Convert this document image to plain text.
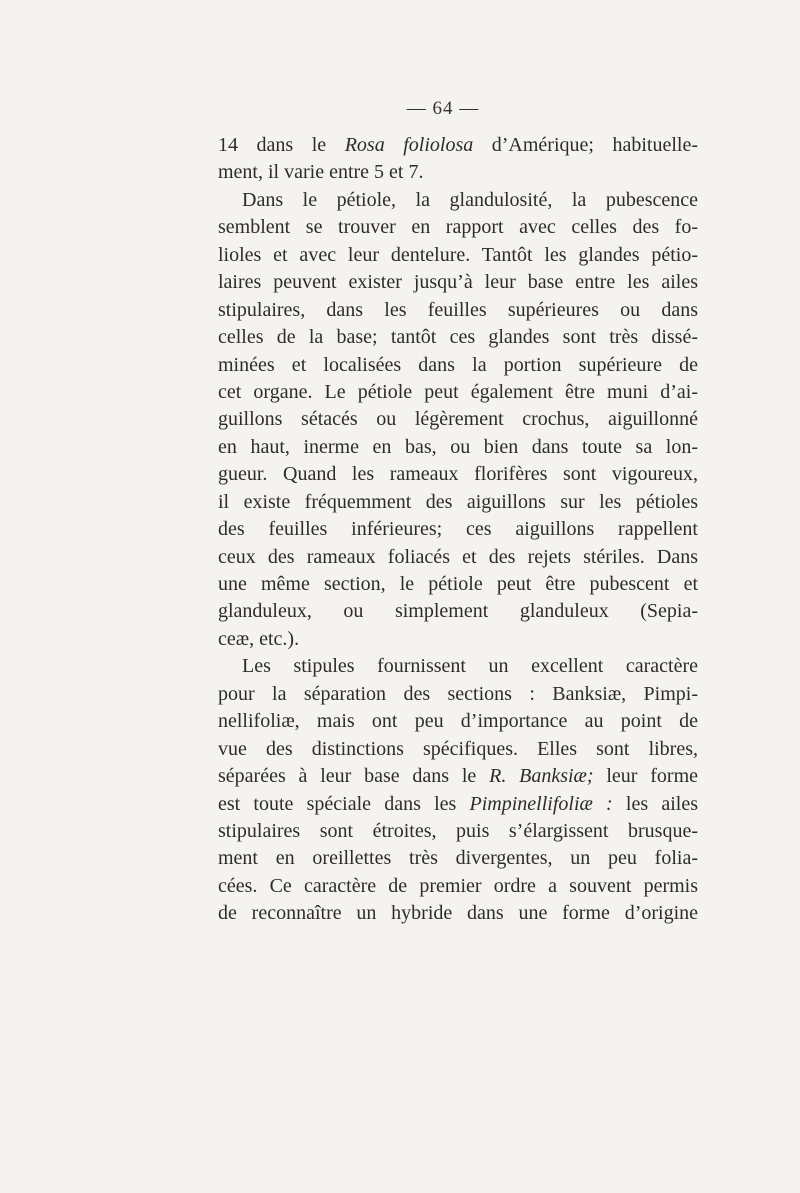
— 64 —
14 dans le Rosa foliolosa d’Amérique; habituelle-
ment, il varie entre 5 et 7.
Dans le pétiole, la glandulosité, la pubescence
semblent se trouver en rapport avec celles des fo-
lioles et avec leur dentelure. Tantôt les glandes pétio-
laires peuvent exister jusqu’à leur base entre les ailes
stipulaires, dans les feuilles supérieures ou dans
celles de la base; tantôt ces glandes sont très dissé-
minées et localisées dans la portion supérieure de
cet organe. Le pétiole peut également être muni d’ai-
guillons sétacés ou légèrement crochus, aiguillonné
en haut, inerme en bas, ou bien dans toute sa lon-
gueur. Quand les rameaux florifères sont vigoureux,
il existe fréquemment des aiguillons sur les pétioles
des feuilles inférieures; ces aiguillons rappellent
ceux des rameaux foliacés et des rejets stériles. Dans
une même section, le pétiole peut être pubescent et
glanduleux, ou simplement glanduleux (Sepia-
ceæ, etc.).
Les stipules fournissent un excellent caractère
pour la séparation des sections : Banksiæ, Pimpi-
nellifoliæ, mais ont peu d’importance au point de
vue des distinctions spécifiques. Elles sont libres,
séparées à leur base dans le R. Banksiæ; leur forme
est toute spéciale dans les Pimpinellifoliæ : les ailes
stipulaires sont étroites, puis s’élargissent brusque-
ment en oreillettes très divergentes, un peu folia-
cées. Ce caractère de premier ordre a souvent permis
de reconnaître un hybride dans une forme d’origine
